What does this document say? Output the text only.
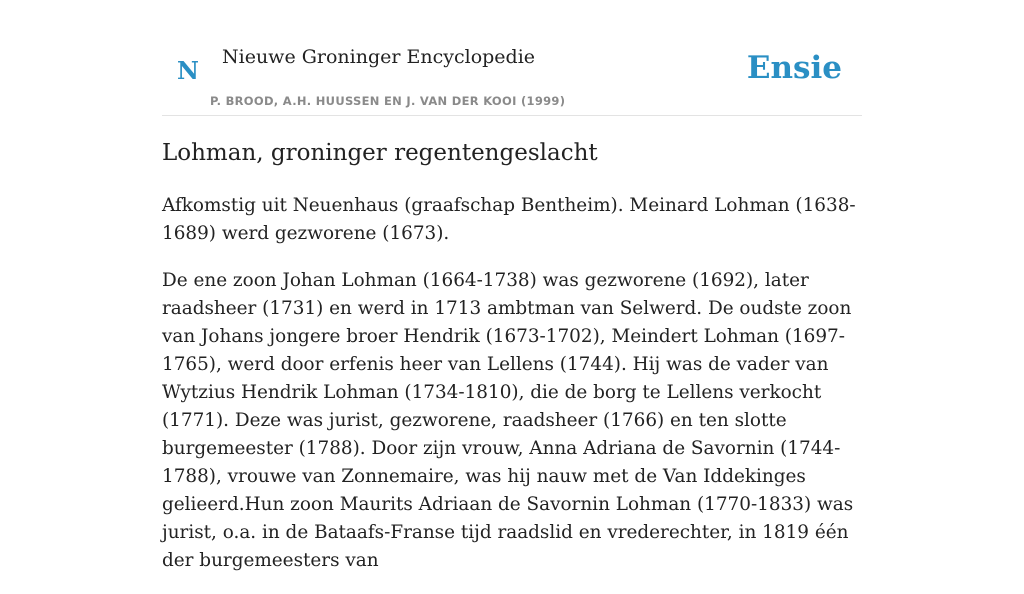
N Nieuwe Groninger Encyclopedie
P. BROOD, A.H. HUUSSEN EN J. VAN DER KOOI (1999)
Ensie
Lohman, groninger regentengeslacht

Afkomstig uit Neuenhaus (graafschap Bentheim). Meinard Lohman (1638-1689) werd gezworene (1673).

De ene zoon Johan Lohman (1664-1738) was gezworene (1692), later raadsheer (1731) en werd in 1713 ambtman van Selwerd. De oudste zoon van Johans jongere broer Hendrik (1673-1702), Meindert Lohman (1697-1765), werd door erfenis heer van Lellens (1744). Hij was de vader van Wytzius Hendrik Lohman (1734-1810), die de borg te Lellens verkocht (1771). Deze was jurist, gezworene, raadsheer (1766) en ten slotte burgemeester (1788). Door zijn vrouw, Anna Adriana de Savornin (1744-1788), vrouwe van Zonnemaire, was hij nauw met de Van Iddekinges gelieerd.Hun zoon Maurits Adriaan de Savornin Lohman (1770-1833) was jurist, o.a. in de Bataafs-Franse tijd raadslid en vrederechter, in 1819 één der burgemeesters van
